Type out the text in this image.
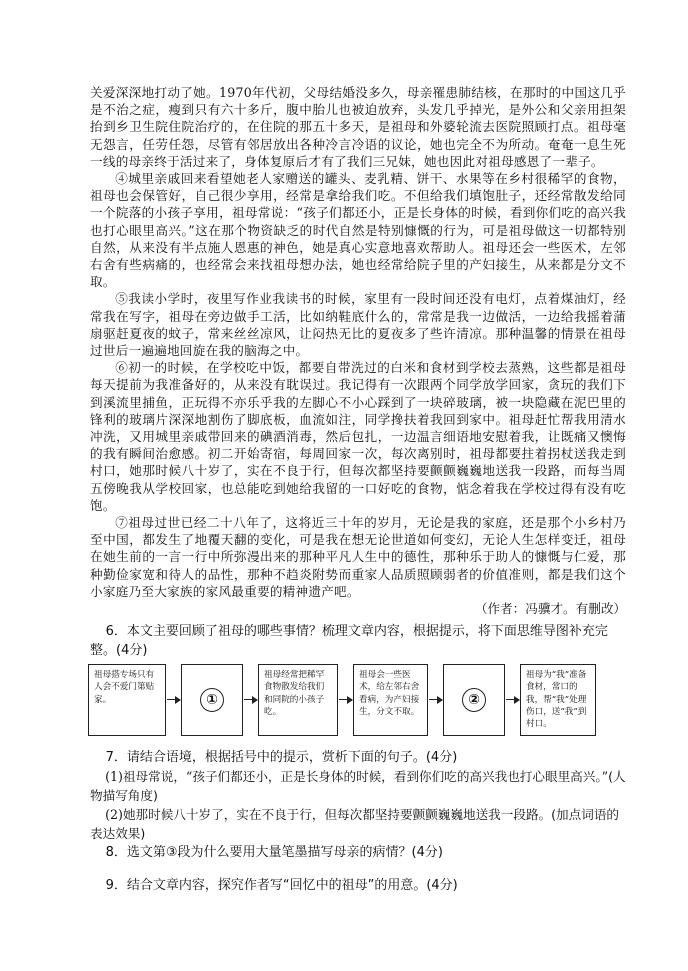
关爱深深地打动了她。1970年代初，父母结婚没多久，母亲罹患肺结核，在那时的中国这几乎是不治之症，瘦到只有六十多斤，腹中胎儿也被迫放弃，头发几乎掉光，是外公和父亲用担架抬到乡卫生院住院治疗的，在住院的那五十多天，是祖母和外婆轮流去医院照顾打点。祖母毫无怨言，任劳任怨，尽管有邻居放出各种冷言冷语的议论，她也完全不为所动。奄奄一息生死一线的母亲终于活过来了，身体复原后才有了我们三兄妹，她也因此对祖母感恩了一辈子。

④城里亲戚回来看望她老人家赠送的罐头、麦乳精、饼干、水果等在乡村很稀罕的食物，祖母也会保管好，自己很少享用，经常是拿给我们吃。不但给我们填饱肚子，还经常散发给同一个院落的小孩子享用，祖母常说：“孩子们都还小，正是长身体的时候，看到你们吃的高兴我也打心眼里高兴。”这在那个物资缺乏的时代自然是特别慷慨的行为，可是祖母做这一切都特别自然，从来没有半点施人恩惠的神色，她是真心实意地喜欢帮助人。祖母还会一些医术，左邻右舍有些病痛的，也经常会来找祖母想办法，她也经常给院子里的产妇接生，从来都是分文不取。

⑤我读小学时，夜里写作业我读书的时候，家里有一段时间还没有电灯，点着煤油灯，经常我在写字，祖母在旁边做手工活，比如纳鞋底什么的，常常是我一边做活，一边给我摇着蒲扇驱赶夏夜的蚊子，常来丝丝凉风，让闷热无比的夏夜多了些许清凉。那种温馨的情景在祖母过世后一遍遍地回旋在我的脑海之中。

⑥初一的时候，在学校吃中饭，都要自带洗过的白米和食材到学校去蒸熟，这些都是祖母每天提前为我准备好的，从来没有耽误过。我记得有一次跟两个同学放学回家，贪玩的我们下到溪流里捕鱼，正玩得不亦乐乎我的左脚心不小心踩到了一块碎玻璃，被一块隐藏在泥巴里的锋利的玻璃片深深地割伤了脚底板，血流如注，同学搀扶着我回到家中。祖母赶忙帮我用清水冲洗，又用城里亲戚带回来的碘酒消毒，然后包扎，一边温言细语地安慰着我，让既痛又懊悔的我有瞬间治愈感。初二开始寄宿，每周回家一次，每次离别时，祖母都要拄着拐杖送我走到村口，她那时候八十岁了，实在不良于行，但每次都坚持要颤颤巍巍地送我一段路，而每当周五傍晚我从学校回家，也总能吃到她给我留的一口好吃的食物，惦念着我在学校过得有没有吃饱。

⑦祖母过世已经二十八年了，这将近三十年的岁月，无论是我的家庭，还是那个小乡村乃至中国，都发生了地覆天翻的变化，可是我在想无论世道如何变幻，无论人生怎样变迁，祖母在她生前的一言一行中所弥漫出来的那种平凡人生中的德性，那种乐于助人的慷慨与仁爱，那种勤俭家宽和待人的品性，那种不趋炎附势而重家人品质照顾弱者的价值准则，都是我们这个小家庭乃至大家族的家风最重要的精神遗产吧。

（作者：冯骥才。有删改）

6．本文主要回顾了祖母的哪些事情？梳理文章内容，根据提示，将下面思维导图补充完整。(4分)

祖母搭专场只有人会不爱门第贴家。	①
祖母经常把稀罕食物散发给我们和同院的小孩子吃。
祖母会一些医术，给左邻右舍看病，为产妇接生，分文不取。
②
祖母为“我”准备食材，常口的我，帮“我”处理伤口，送“我”到村口。

7．请结合语境，根据括号中的提示，赏析下面的句子。(4分)

(1)祖母常说，“孩子们都还小，正是长身体的时候，看到你们吃的高兴我也打心眼里高兴。”(人物描写角度)

(2)她那时候八十岁了，实在不良于行，但每次都坚持要颤颤巍巍地送我一段路。(加点词语的表达效果)

8．选文第③段为什么要用大量笔墨描写母亲的病情？(4分)

9．结合文章内容，探究作者写“回忆中的祖母”的用意。(4分)
